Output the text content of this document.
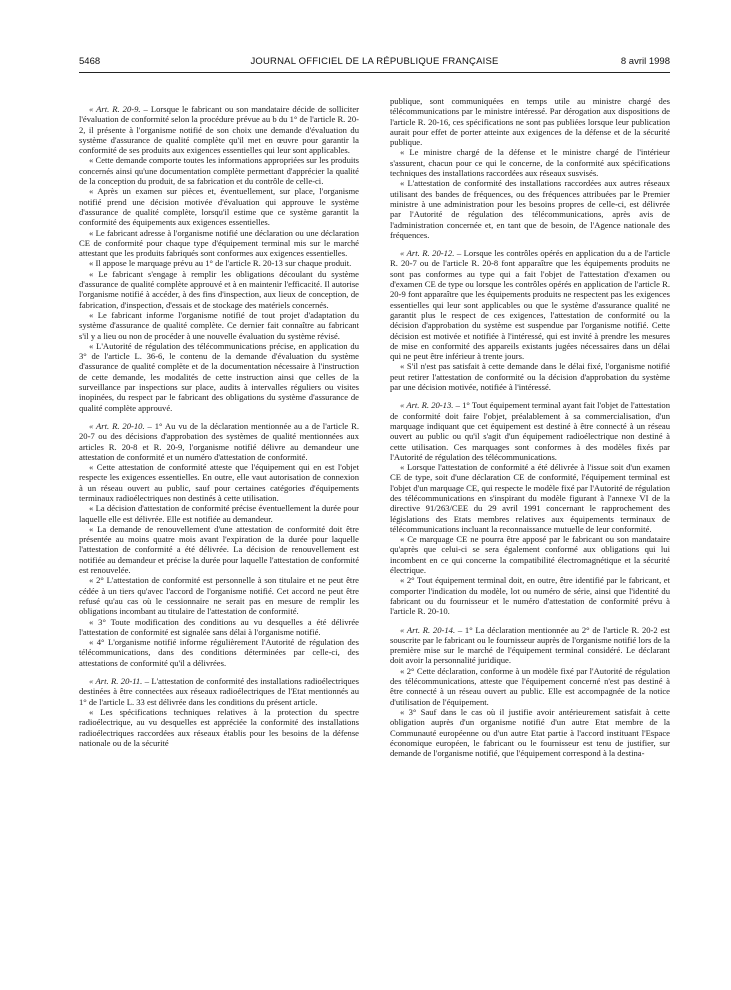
5468	JOURNAL OFFICIEL DE LA RÉPUBLIQUE FRANÇAISE	8 avril 1998

« Art. R. 20-9. – Lorsque le fabricant ou son mandataire décide de solliciter l'évaluation de conformité selon la procédure prévue au b du 1° de l'article R. 20-2, il présente à l'organisme notifié de son choix une demande d'évaluation du système d'assurance de qualité complète qu'il met en œuvre pour garantir la conformité de ses produits aux exigences essentielles qui leur sont applicables.

« Cette demande comporte toutes les informations appropriées sur les produits concernés ainsi qu'une documentation complète permettant d'apprécier la qualité de la conception du produit, de sa fabrication et du contrôle de celle-ci.

« Après un examen sur pièces et, éventuellement, sur place, l'organisme notifié prend une décision motivée d'évaluation qui approuve le système d'assurance de qualité complète, lorsqu'il estime que ce système garantit la conformité des équipements aux exigences essentielles.

« Le fabricant adresse à l'organisme notifié une déclaration ou une déclaration CE de conformité pour chaque type d'équipement terminal mis sur le marché attestant que les produits fabriqués sont conformes aux exigences essentielles.

« Il appose le marquage prévu au 1° de l'article R. 20-13 sur chaque produit.

« Le fabricant s'engage à remplir les obligations découlant du système d'assurance de qualité complète approuvé et à en maintenir l'efficacité. Il autorise l'organisme notifié à accéder, à des fins d'inspection, aux lieux de conception, de fabrication, d'inspection, d'essais et de stockage des matériels concernés.

« Le fabricant informe l'organisme notifié de tout projet d'adaptation du système d'assurance de qualité complète. Ce dernier fait connaître au fabricant s'il y a lieu ou non de procéder à une nouvelle évaluation du système révisé.

« L'Autorité de régulation des télécommunications précise, en application du 3° de l'article L. 36-6, le contenu de la demande d'évaluation du système d'assurance de qualité complète et de la documentation nécessaire à l'instruction de cette demande, les modalités de cette instruction ainsi que celles de la surveillance par inspections sur place, audits à intervalles réguliers ou visites inopinées, du respect par le fabricant des obligations du système d'assurance de qualité complète approuvé.

« Art. R. 20-10. – 1° Au vu de la déclaration mentionnée au a de l'article R. 20-7 ou des décisions d'approbation des systèmes de qualité mentionnées aux articles R. 20-8 et R. 20-9, l'organisme notifié délivre au demandeur une attestation de conformité et un numéro d'attestation de conformité.

« Cette attestation de conformité atteste que l'équipement qui en est l'objet respecte les exigences essentielles. En outre, elle vaut autorisation de connexion à un réseau ouvert au public, sauf pour certaines catégories d'équipements terminaux radioélectriques non destinés à cette utilisation.

« La décision d'attestation de conformité précise éventuellement la durée pour laquelle elle est délivrée. Elle est notifiée au demandeur.

« La demande de renouvellement d'une attestation de conformité doit être présentée au moins quatre mois avant l'expiration de la durée pour laquelle l'attestation de conformité a été délivrée. La décision de renouvellement est notifiée au demandeur et précise la durée pour laquelle l'attestation de conformité est renouvelée.

« 2° L'attestation de conformité est personnelle à son titulaire et ne peut être cédée à un tiers qu'avec l'accord de l'organisme notifié. Cet accord ne peut être refusé qu'au cas où le cessionnaire ne serait pas en mesure de remplir les obligations incombant au titulaire de l'attestation de conformité.

« 3° Toute modification des conditions au vu desquelles a été délivrée l'attestation de conformité est signalée sans délai à l'organisme notifié.

« 4° L'organisme notifié informe régulièrement l'Autorité de régulation des télécommunications, dans des conditions déterminées par celle-ci, des attestations de conformité qu'il a délivrées.

« Art. R. 20-11. – L'attestation de conformité des installations radioélectriques destinées à être connectées aux réseaux radioélectriques de l'Etat mentionnés au 1° de l'article L. 33 est délivrée dans les conditions du présent article.

« Les spécifications techniques relatives à la protection du spectre radioélectrique, au vu desquelles est appréciée la conformité des installations radioélectriques raccordées aux réseaux établis pour les besoins de la défense nationale ou de la sécurité

publique, sont communiquées en temps utile au ministre chargé des télécommunications par le ministre intéressé. Par dérogation aux dispositions de l'article R. 20-16, ces spécifications ne sont pas publiées lorsque leur publication aurait pour effet de porter atteinte aux exigences de la défense et de la sécurité publique.

« Le ministre chargé de la défense et le ministre chargé de l'intérieur s'assurent, chacun pour ce qui le concerne, de la conformité aux spécifications techniques des installations raccordées aux réseaux susvisés.

« L'attestation de conformité des installations raccordées aux autres réseaux utilisant des bandes de fréquences, ou des fréquences attribuées par le Premier ministre à une administration pour les besoins propres de celle-ci, est délivrée par l'Autorité de régulation des télécommunications, après avis de l'administration concernée et, en tant que de besoin, de l'Agence nationale des fréquences.

« Art. R. 20-12. – Lorsque les contrôles opérés en application du a de l'article R. 20-7 ou de l'article R. 20-8 font apparaître que les équipements produits ne sont pas conformes au type qui a fait l'objet de l'attestation d'examen ou d'examen CE de type ou lorsque les contrôles opérés en application de l'article R. 20-9 font apparaître que les équipements produits ne respectent pas les exigences essentielles qui leur sont applicables ou que le système d'assurance qualité ne garantit plus le respect de ces exigences, l'attestation de conformité ou la décision d'approbation du système est suspendue par l'organisme notifié. Cette décision est motivée et notifiée à l'intéressé, qui est invité à prendre les mesures de mise en conformité des appareils existants jugées nécessaires dans un délai qui ne peut être inférieur à trente jours.

« S'il n'est pas satisfait à cette demande dans le délai fixé, l'organisme notifié peut retirer l'attestation de conformité ou la décision d'approbation du système par une décision motivée, notifiée à l'intéressé.

« Art. R. 20-13. – 1° Tout équipement terminal ayant fait l'objet de l'attestation de conformité doit faire l'objet, préalablement à sa commercialisation, d'un marquage indiquant que cet équipement est destiné à être connecté à un réseau ouvert au public ou qu'il s'agit d'un équipement radioélectrique non destiné à cette utilisation. Ces marquages sont conformes à des modèles fixés par l'Autorité de régulation des télécommunications.

« Lorsque l'attestation de conformité a été délivrée à l'issue soit d'un examen CE de type, soit d'une déclaration CE de conformité, l'équipement terminal est l'objet d'un marquage CE, qui respecte le modèle fixé par l'Autorité de régulation des télécommunications en s'inspirant du modèle figurant à l'annexe VI de la directive 91/263/CEE du 29 avril 1991 concernant le rapprochement des législations des Etats membres relatives aux équipements terminaux de télécommunications incluant la reconnaissance mutuelle de leur conformité.

« Ce marquage CE ne pourra être apposé par le fabricant ou son mandataire qu'après que celui-ci se sera également conformé aux obligations qui lui incombent en ce qui concerne la compatibilité électromagnétique et la sécurité électrique.

« 2° Tout équipement terminal doit, en outre, être identifié par le fabricant, et comporter l'indication du modèle, lot ou numéro de série, ainsi que l'identité du fabricant ou du fournisseur et le numéro d'attestation de conformité prévu à l'article R. 20-10.

« Art. R. 20-14. – 1° La déclaration mentionnée au 2° de l'article R. 20-2 est souscrite par le fabricant ou le fournisseur auprès de l'organisme notifié lors de la première mise sur le marché de l'équipement terminal considéré. Le déclarant doit avoir la personnalité juridique.

« 2° Cette déclaration, conforme à un modèle fixé par l'Autorité de régulation des télécommunications, atteste que l'équipement concerné n'est pas destiné à être connecté à un réseau ouvert au public. Elle est accompagnée de la notice d'utilisation de l'équipement.

« 3° Sauf dans le cas où il justifie avoir antérieurement satisfait à cette obligation auprès d'un organisme notifié d'un autre Etat membre de la Communauté européenne ou d'un autre Etat partie à l'accord instituant l'Espace économique européen, le fabricant ou le fournisseur est tenu de justifier, sur demande de l'organisme notifié, que l'équipement correspond à la destina-
